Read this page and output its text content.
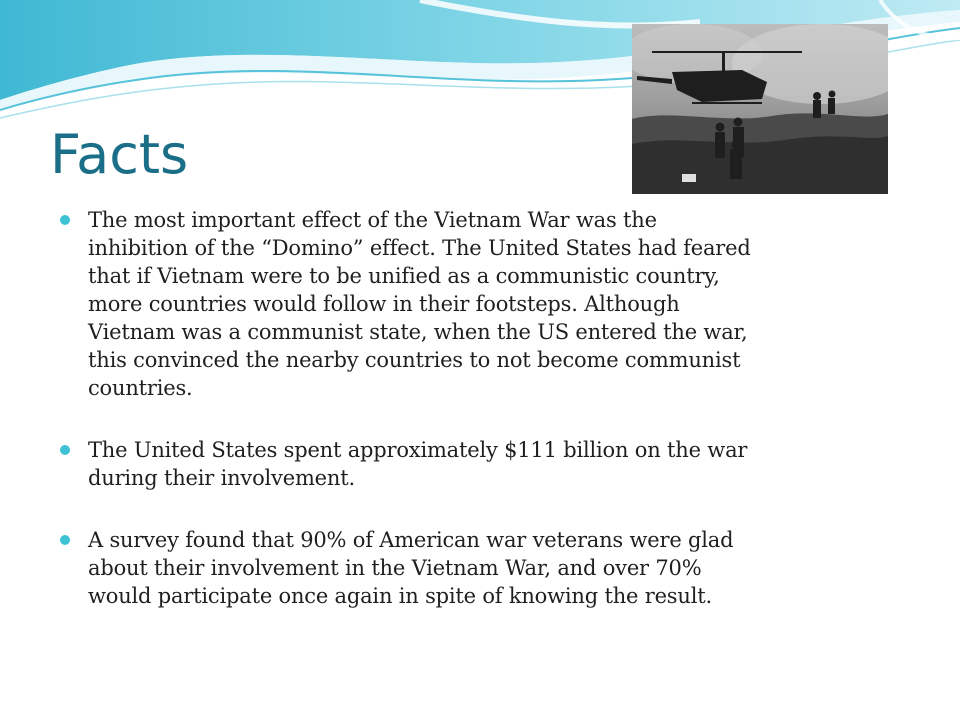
Facts
The most important effect of the Vietnam War was the
inhibition of the “Domino” effect. The United States had feared
that if Vietnam were to be unified as a communistic country,
more countries would follow in their footsteps. Although
Vietnam was a communist state, when the US entered the war,
this convinced the nearby countries to not become communist
countries.
The United States spent approximately $111 billion on the war
during their involvement.
A survey found that 90% of American war veterans were glad
about their involvement in the Vietnam War, and over 70%
would participate once again in spite of knowing the result.
